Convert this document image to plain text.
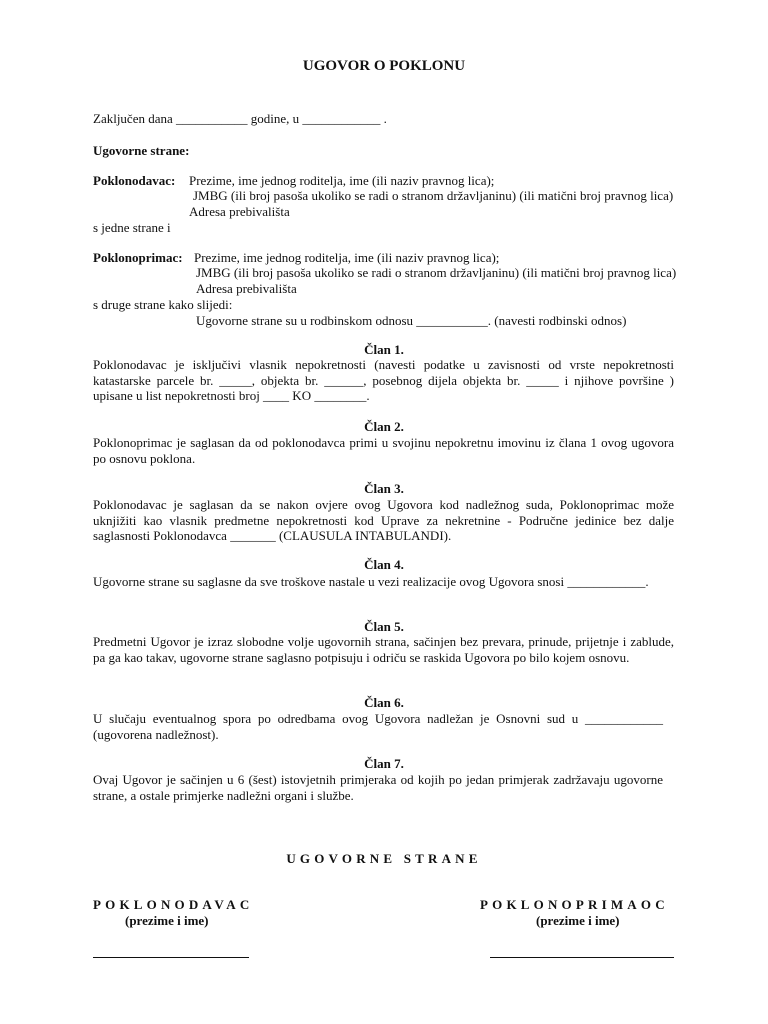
UGOVOR O POKLONU
Zaključen dana ___________ godine, u ____________ .
Ugovorne strane:
Poklonodavac: Prezime, ime jednog roditelja, ime (ili naziv pravnog lica);
JMBG (ili broj pasoša ukoliko se radi o stranom državljaninu) (ili matični broj pravnog lica)
Adresa prebivališta
s jedne strane i
Poklonoprimac: Prezime, ime jednog roditelja, ime (ili naziv pravnog lica);
JMBG (ili broj pasoša ukoliko se radi o stranom državljaninu) (ili matični broj pravnog lica)
Adresa prebivališta
s druge strane kako slijedi:
Ugovorne strane su u rodbinskom odnosu ___________. (navesti rodbinski odnos)
Član 1.
Poklonodavac je isključivi vlasnik nepokretnosti (navesti podatke u zavisnosti od vrste nepokretnosti katastarske parcele br. _____, objekta br. ______, posebnog dijela objekta br. _____ i njihove površine ) upisane u list nepokretnosti broj ____ KO ________.
Član 2.
Poklonoprimac je saglasan da od poklonodavca primi u svojinu nepokretnu imovinu iz člana 1 ovog ugovora po osnovu poklona.
Član 3.
Poklonodavac je saglasan da se nakon ovjere ovog Ugovora kod nadležnog suda, Poklonoprimac može uknjižiti kao vlasnik predmetne nepokretnosti kod Uprave za nekretnine - Područne jedinice bez dalje saglasnosti Poklonodavca _______ (CLAUSULA INTABULANDI).
Član 4.
Ugovorne strane su saglasne da sve troškove nastale u vezi realizacije ovog Ugovora snosi ____________.
Član 5.
Predmetni Ugovor je izraz slobodne volje ugovornih strana, sačinjen bez prevara, prinude, prijetnje i zablude, pa ga kao takav, ugovorne strane saglasno potpisuju i odriču se raskida Ugovora po bilo kojem osnovu.
Član 6.
U slučaju eventualnog spora po odredbama ovog Ugovora nadležan je Osnovni sud u ____________ (ugovorena nadležnost).
Član 7.
Ovaj Ugovor je sačinjen u 6 (šest) istovjetnih primjeraka od kojih po jedan primjerak zadržavaju ugovorne strane, a ostale primjerke nadležni organi i službe.
UGOVORNE STRANE
POKLONODAVAC
(prezime i ime)
POKLONOPRIMAOC
(prezime i ime)
